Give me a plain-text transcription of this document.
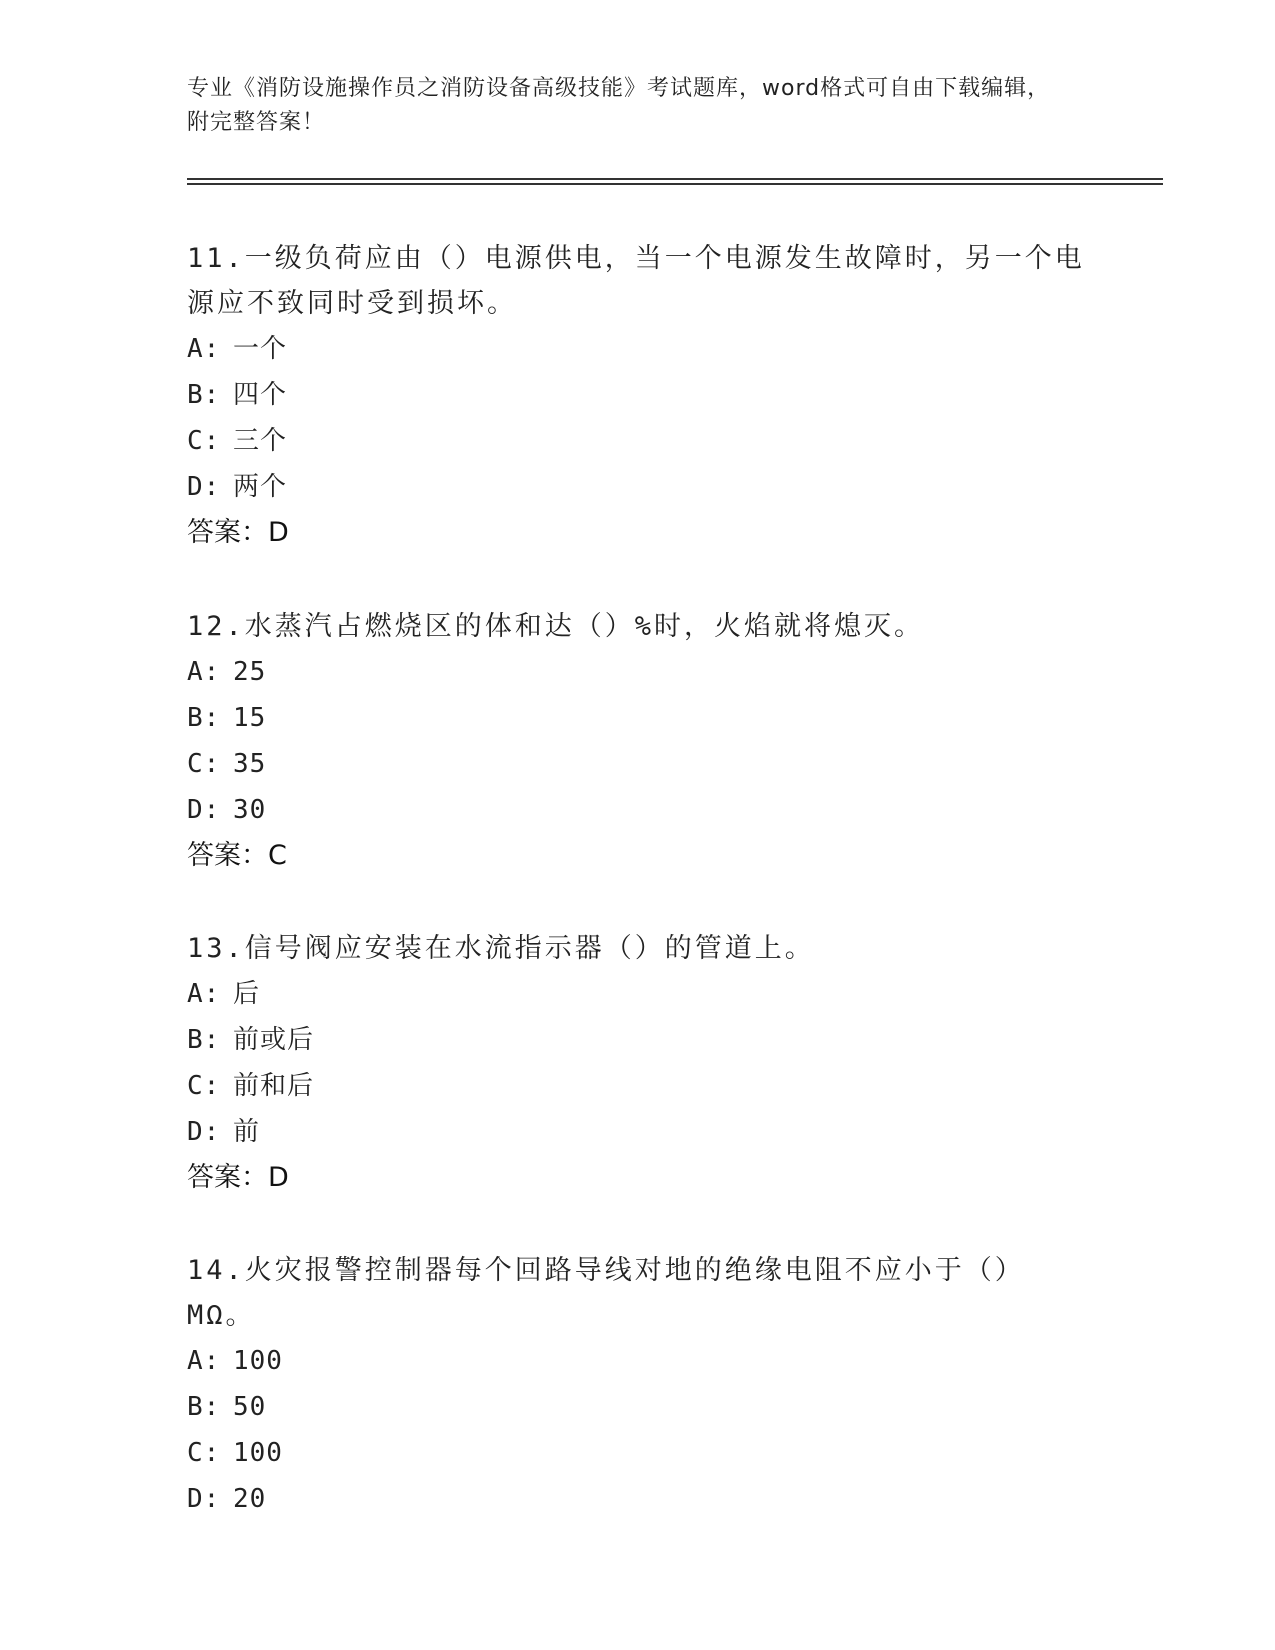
专业《消防设施操作员之消防设备高级技能》考试题库，word格式可自由下载编辑，附完整答案！

11.一级负荷应由（）电源供电，当一个电源发生故障时，另一个电源应不致同时受到损坏。

A: 一个

B: 四个

C: 三个

D: 两个

答案：D

12.水蒸汽占燃烧区的体和达（）%时，火焰就将熄灭。

A: 25

B: 15

C: 35

D: 30

答案：C

13.信号阀应安装在水流指示器（）的管道上。

A: 后

B: 前或后

C: 前和后

D: 前

答案：D

14.火灾报警控制器每个回路导线对地的绝缘电阻不应小于（）MΩ。

A: 100

B: 50

C: 100

D: 20
